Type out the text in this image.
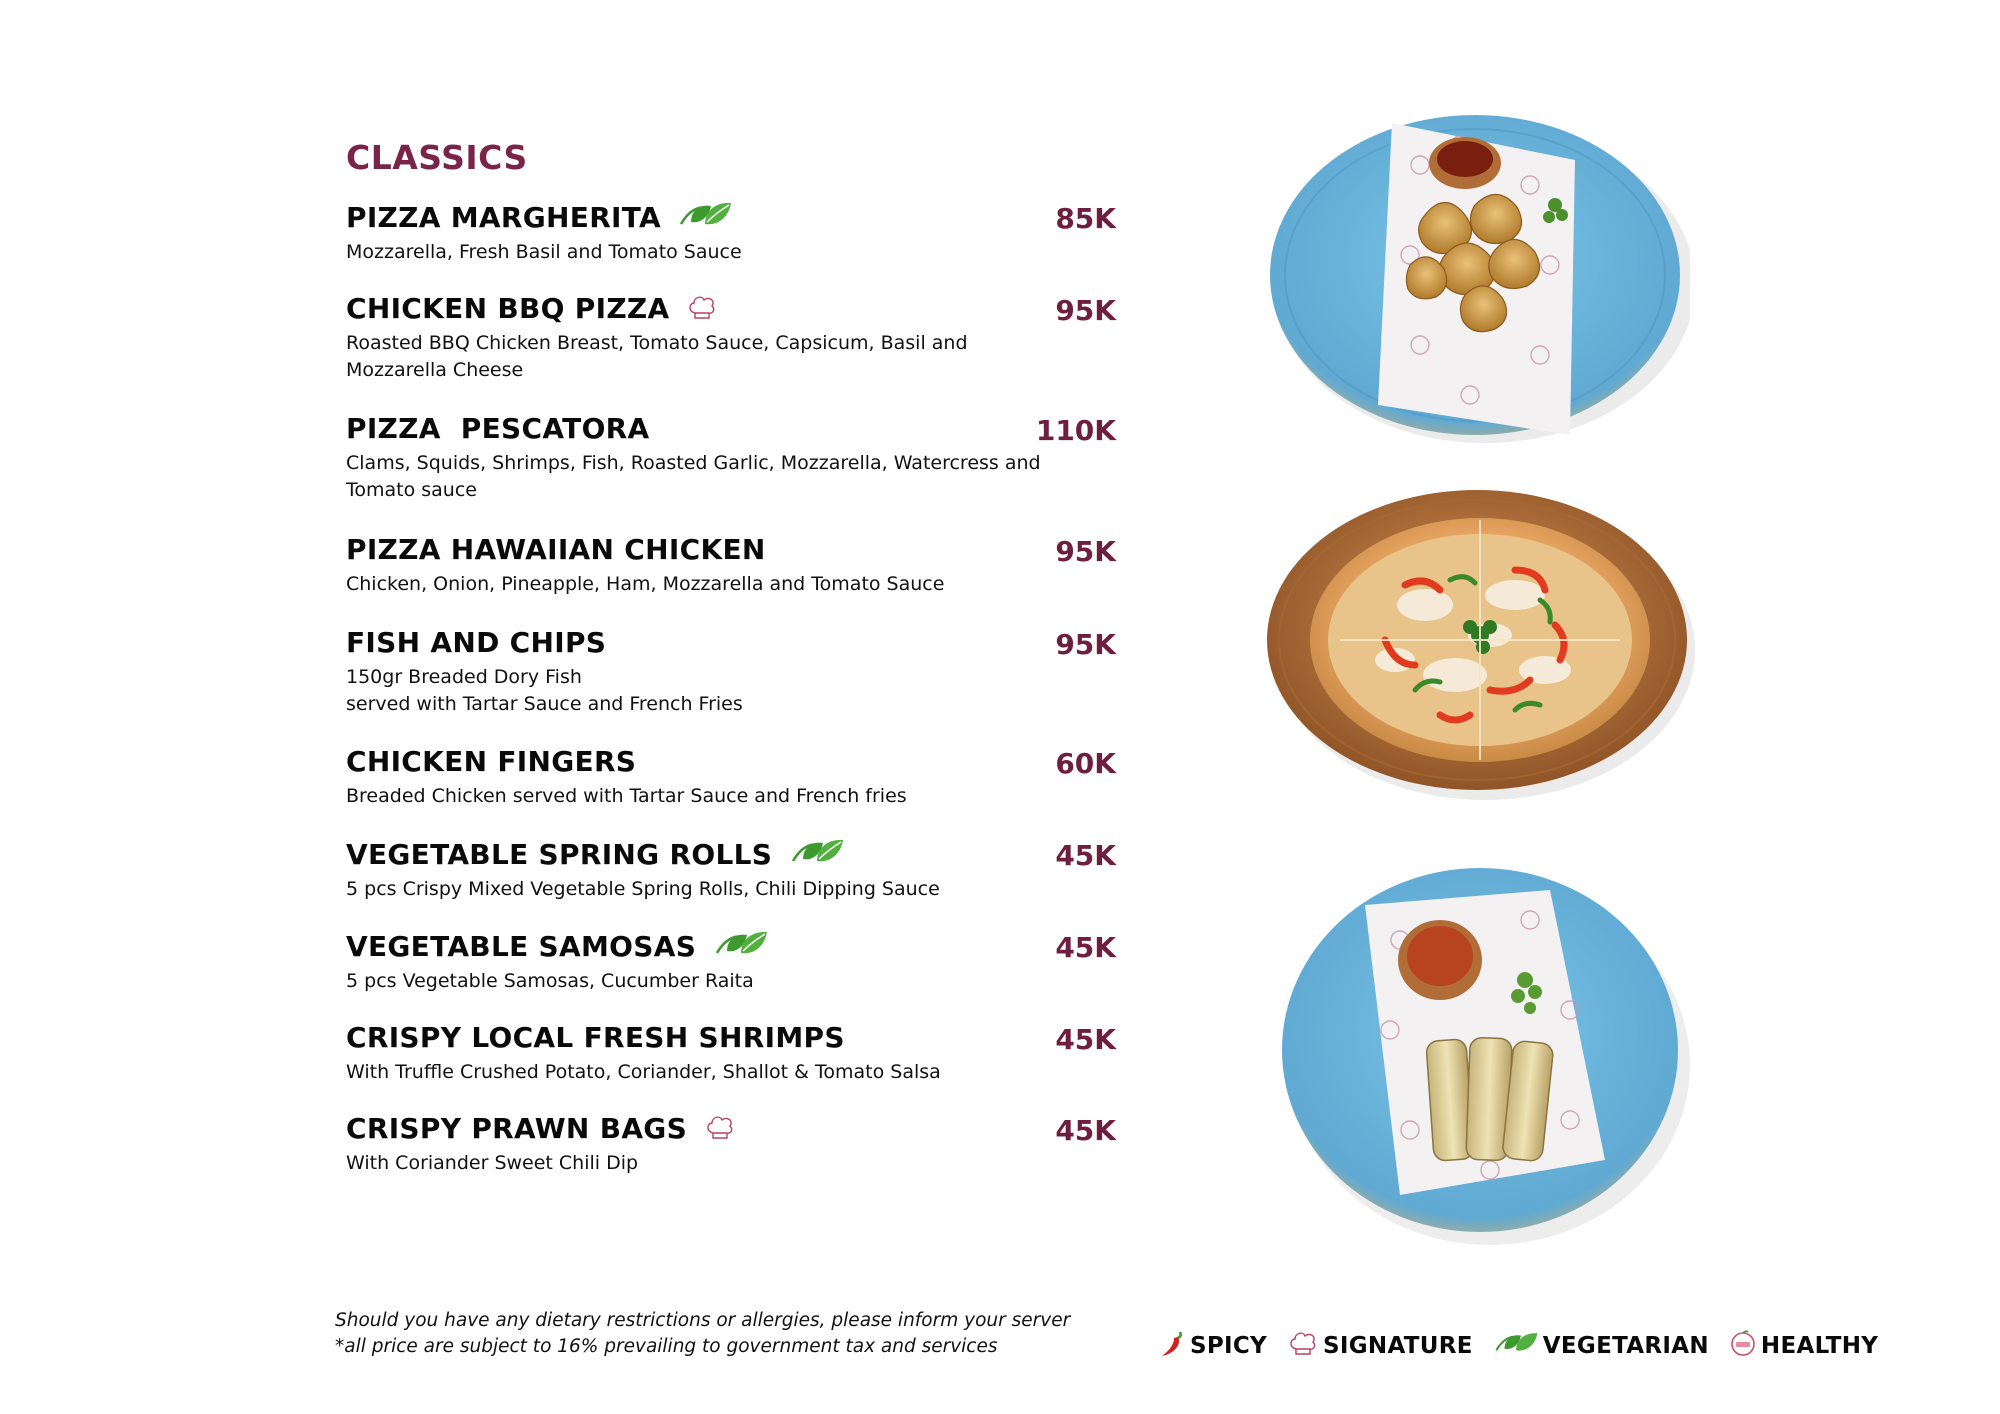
CLASSICS
PIZZA MARGHERITA	85K
Mozzarella, Fresh Basil and Tomato Sauce
CHICKEN BBQ PIZZA	95K
Roasted BBQ Chicken Breast, Tomato Sauce, Capsicum, Basil and
Mozzarella Cheese
PIZZA  PESCATORA	110K
Clams, Squids, Shrimps, Fish, Roasted Garlic, Mozzarella, Watercress and
Tomato sauce
PIZZA HAWAIIAN CHICKEN	95K
Chicken, Onion, Pineapple, Ham, Mozzarella and Tomato Sauce
FISH AND CHIPS	95K
150gr Breaded Dory Fish
served with Tartar Sauce and French Fries
CHICKEN FINGERS	60K
Breaded Chicken served with Tartar Sauce and French fries
VEGETABLE SPRING ROLLS	45K
5 pcs Crispy Mixed Vegetable Spring Rolls, Chili Dipping Sauce
VEGETABLE SAMOSAS	45K
5 pcs Vegetable Samosas, Cucumber Raita
CRISPY LOCAL FRESH SHRIMPS	45K
With Truffle Crushed Potato, Coriander, Shallot & Tomato Salsa
CRISPY PRAWN BAGS	45K
With Coriander Sweet Chili Dip
Should you have any dietary restrictions or allergies, please inform your server
*all price are subject to 16% prevailing to government tax and services	SPICY SIGNATURE	VEGETARIAN HEALTHY
